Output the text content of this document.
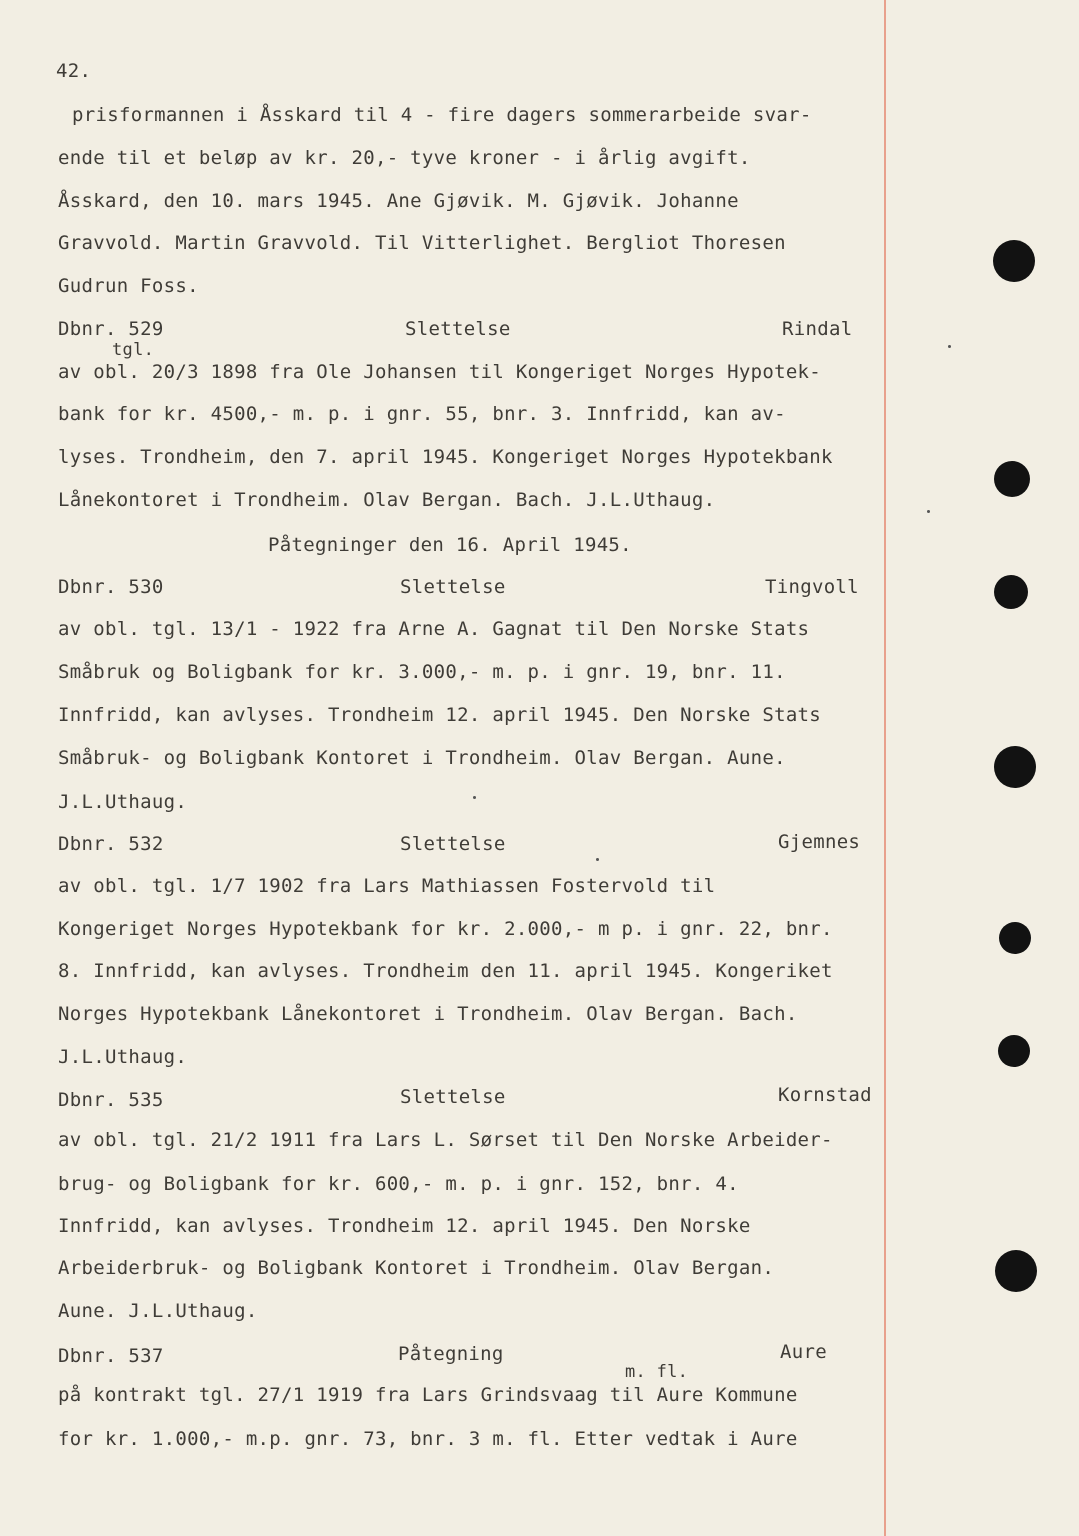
42.
prisformannen i Åsskard til 4 - fire dagers sommerarbeide svar-
ende til et beløp av kr. 20,- tyve kroner - i årlig avgift.
Åsskard, den 10. mars 1945. Ane Gjøvik. M. Gjøvik. Johanne
Gravvold. Martin Gravvold. Til Vitterlighet. Bergliot Thoresen
Gudrun Foss.
Dbnr. 529	Slettelse	Rindal
tgl.
av obl. 20/3 1898 fra Ole Johansen til Kongeriget Norges Hypotek-
bank for kr. 4500,- m. p. i gnr. 55, bnr. 3. Innfridd, kan av-
lyses. Trondheim, den 7. april 1945. Kongeriget Norges Hypotekbank
Lånekontoret i Trondheim. Olav Bergan. Bach. J.L.Uthaug.
Påtegninger den 16. April 1945.
Dbnr. 530	Slettelse	Tingvoll
av obl. tgl. 13/1 - 1922 fra Arne A. Gagnat til Den Norske Stats
Småbruk og Boligbank for kr. 3.000,- m. p. i gnr. 19, bnr. 11.
Innfridd, kan avlyses. Trondheim 12. april 1945. Den Norske Stats
Småbruk- og Boligbank Kontoret i Trondheim. Olav Bergan. Aune.
J.L.Uthaug.
Dbnr. 532	Slettelse	Gjemnes
av obl. tgl. 1/7 1902 fra Lars Mathiassen Fostervold til
Kongeriget Norges Hypotekbank for kr. 2.000,- m p. i gnr. 22, bnr.
8. Innfridd, kan avlyses. Trondheim den 11. april 1945. Kongeriket
Norges Hypotekbank Lånekontoret i Trondheim. Olav Bergan. Bach.
J.L.Uthaug.
Dbnr. 535	Slettelse	Kornstad
av obl. tgl. 21/2 1911 fra Lars L. Sørset til Den Norske Arbeider-
brug- og Boligbank for kr. 600,- m. p. i gnr. 152, bnr. 4.
Innfridd, kan avlyses. Trondheim 12. april 1945. Den Norske
Arbeiderbruk- og Boligbank Kontoret i Trondheim. Olav Bergan.
Aune. J.L.Uthaug.
Dbnr. 537	Påtegning	Aure
m. fl.
på kontrakt tgl. 27/1 1919 fra Lars Grindsvaag til Aure Kommune
for kr. 1.000,- m.p. gnr. 73, bnr. 3 m. fl. Etter vedtak i Aure
